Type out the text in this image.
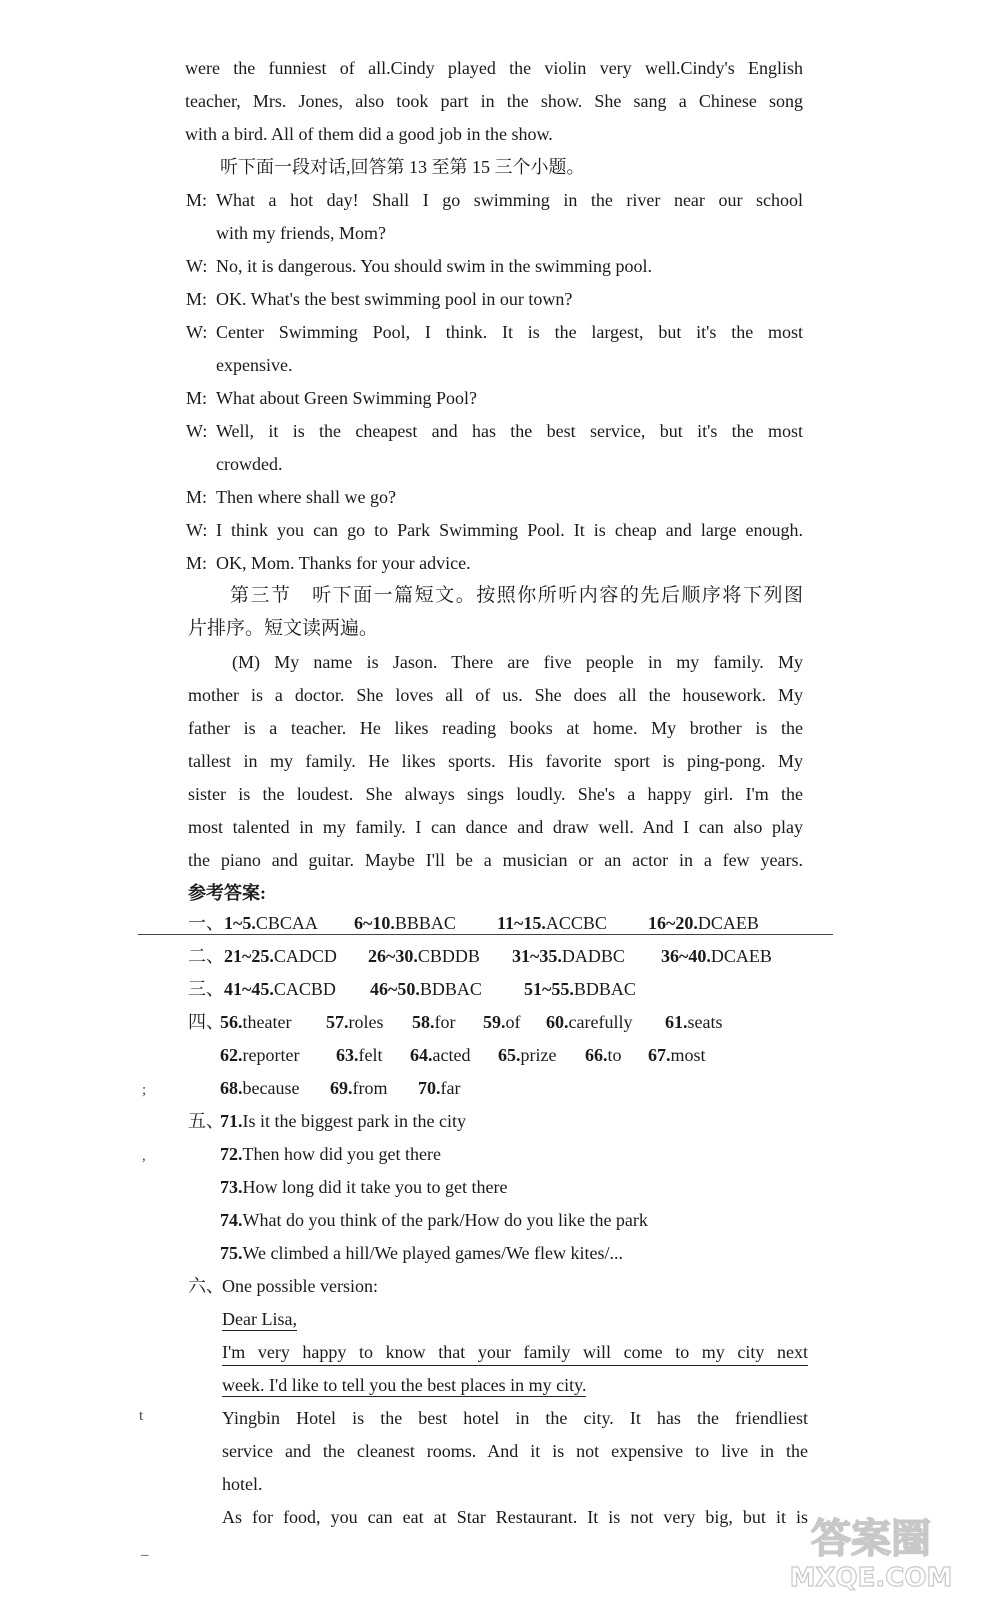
were the funniest of all.Cindy played the violin very well.Cindy's English
teacher, Mrs. Jones, also took part in the show. She sang a Chinese song
with a bird. All of them did a good job in the show.
听下面一段对话,回答第 13 至第 15 三个小题。
M: What a hot day! Shall I go swimming in the river near our school
with my friends, Mom?
W: No, it is dangerous. You should swim in the swimming pool.
M: OK. What's the best swimming pool in our town?
W: Center Swimming Pool, I think. It is the largest, but it's the most
expensive.
M: What about Green Swimming Pool?
W: Well, it is the cheapest and has the best service, but it's the most
crowded.
M: Then where shall we go?
W: I think you can go to Park Swimming Pool. It is cheap and large enough.
M: OK, Mom. Thanks for your advice.
第三节　听下面一篇短文。按照你所听内容的先后顺序将下列图
片排序。短文读两遍。
(M) My name is Jason. There are five people in my family. My
mother is a doctor. She loves all of us. She does all the housework. My
father is a teacher. He likes reading books at home. My brother is the
tallest in my family. He likes sports. His favorite sport is ping-pong. My
sister is the loudest. She always sings loudly. She's a happy girl. I'm the
most talented in my family. I can dance and draw well. And I can also play
the piano and guitar. Maybe I'll be a musician or an actor in a few years.
参考答案:
一、1~5.CBCAA 6~10.BBBAC 11~15.ACCBC 16~20.DCAEB
二、21~25.CADCD 26~30.CBDDB 31~35.DADBC 36~40.DCAEB
三、41~45.CACBD 46~50.BDBAC 51~55.BDBAC
四、
56.theater 57.roles 58.for 59.of 60.carefully 61.seats
62.reporter 63.felt 64.acted 65.prize 66.to 67.most
68.because 69.from 70.far
五、
71.Is it the biggest park in the city
72.Then how did you get there
73.How long did it take you to get there
74.What do you think of the park/How do you like the park
75.We climbed a hill/We played games/We flew kites/...
六、
One possible version:
Dear Lisa,
I'm very happy to know that your family will come to my city next
week. I'd like to tell you the best places in my city.
Yingbin Hotel is the best hotel in the city. It has the friendliest
service and the cleanest rooms. And it is not expensive to live in the
hotel.
As for food, you can eat at Star Restaurant. It is not very big, but it is
;
,
t
_	答案圈
MXQE.COM
